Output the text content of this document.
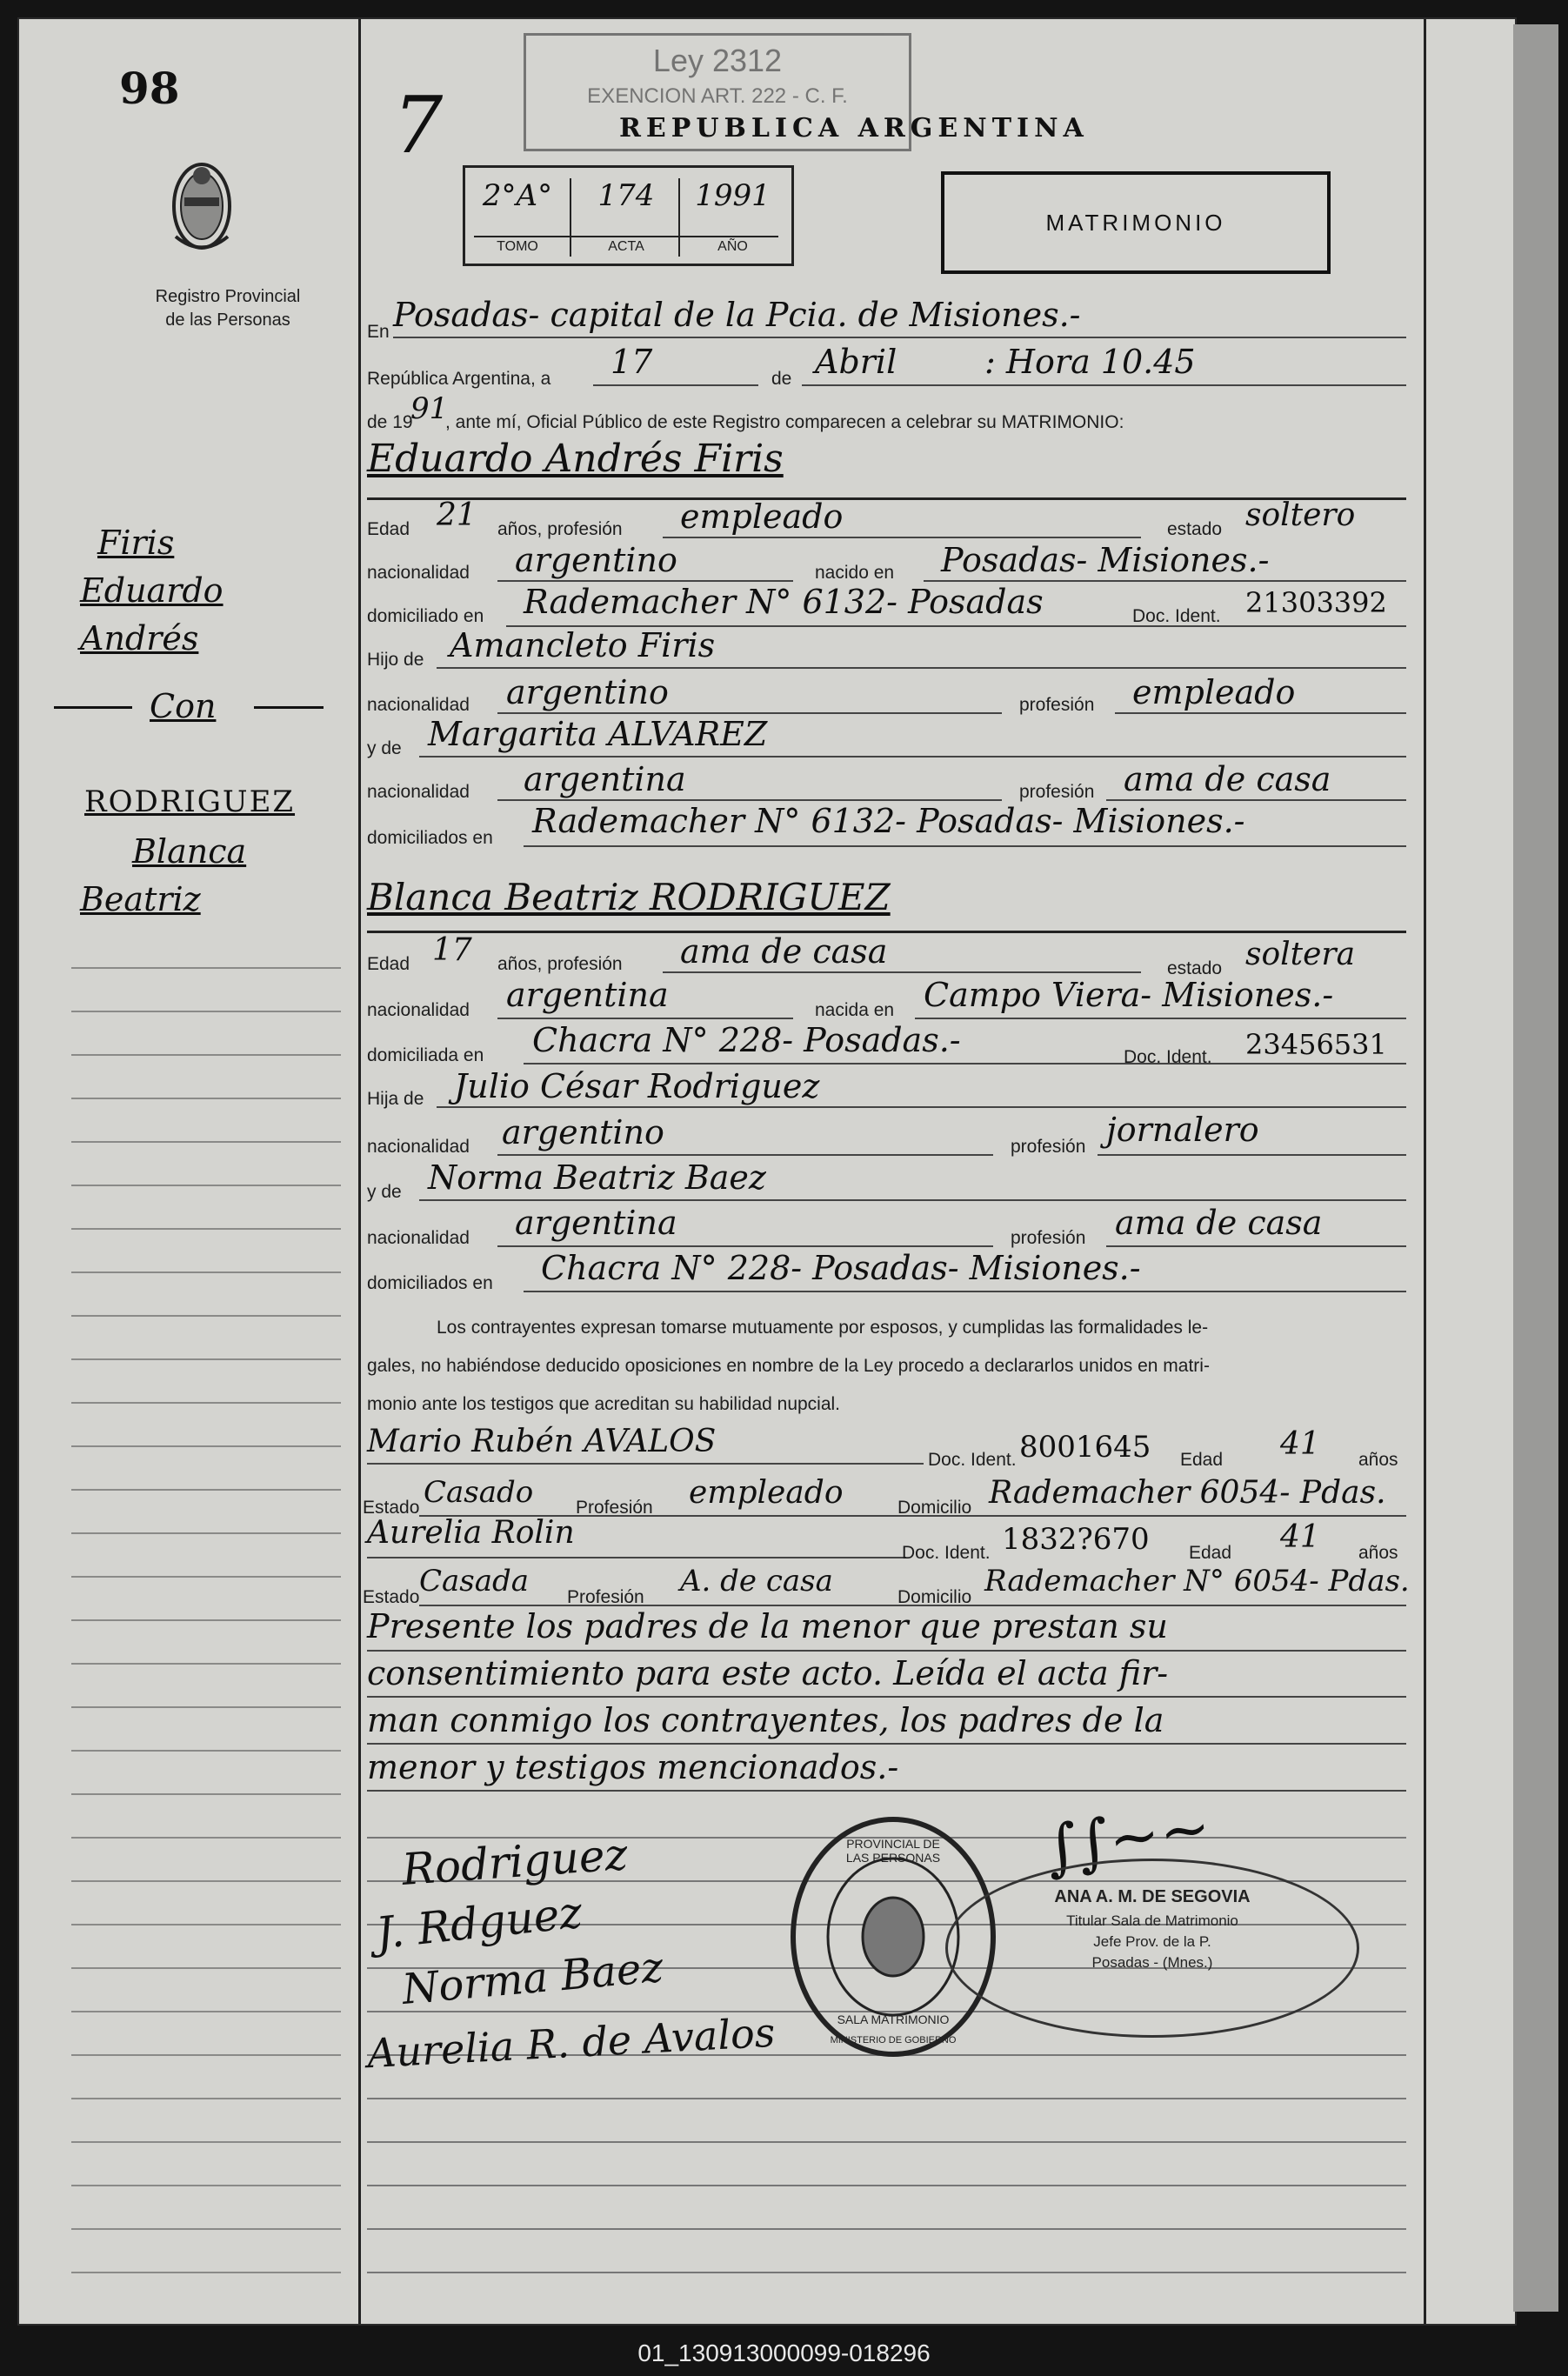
98
Registro Provincial
de las Personas
Firis
Eduardo
Andrés
Con
RODRIGUEZ
Blanca
Beatriz
Ley 2312
EXENCION ART. 222 - C. F.
REPUBLICA ARGENTINA
7
2°A°	174	1991
TOMO	ACTA	AÑO
MATRIMONIO
En Posadas- capital de la Pcia. de Misiones.-
República Argentina, a 17	de Abril	: Hora 10.45
de 19
91
, ante mí, Oficial Público de este Registro comparecen a celebrar su MATRIMONIO:
Eduardo Andrés Firis
Edad 21 años, profesión empleado	estado soltero
nacionalidad argentino	nacido en Posadas- Misiones.-
domiciliado en Rademacher N° 6132- Posadas	Doc. Ident. 21303392
Hijo de Amancleto Firis
nacionalidad argentino	profesión empleado
y de Margarita ALVAREZ
nacionalidad argentina	profesión ama de casa
domiciliados en Rademacher N° 6132- Posadas- Misiones.-
Blanca Beatriz RODRIGUEZ
Edad 17 años, profesión ama de casa	estado soltera
nacionalidad argentina	nacida en Campo Viera- Misiones.-
domiciliada en Chacra N° 228- Posadas.-	Doc. Ident. 23456531
Hija de Julio César Rodriguez
nacionalidad argentino	profesión jornalero
y de Norma Beatriz Baez
nacionalidad argentina	profesión ama de casa
domiciliados en Chacra N° 228- Posadas- Misiones.-
Los contrayentes expresan tomarse mutuamente por esposos, y cumplidas las formalidades le-
gales, no habiéndose deducido oposiciones en nombre de la Ley procedo a declararlos unidos en matri-
monio ante los testigos que acreditan su habilidad nupcial.
Mario Rubén AVALOS
Doc. Ident. 8001645 Edad 41 años
Estado Casado Profesión empleado	Domicilio Rademacher 6054- Pdas.
Aurelia Rolin
Doc. Ident. 1832?670 Edad 41 años
Estado Casada Profesión A. de casa	Domicilio Rademacher N° 6054- Pdas.
Presente los padres de la menor que prestan su
consentimiento para este acto. Leída el acta fir-
man conmigo los contrayentes, los padres de la
menor y testigos mencionados.-
Rodriguez
J. Rdguez
Norma Baez
Aurelia R. de Avalos
PROVINCIAL DE LAS PERSONAS
SALA MATRIMONIO
MINISTERIO DE GOBIERNO
∫∫~~
ANA A. M. DE SEGOVIA
Titular Sala de Matrimonio
Jefe Prov. de la P.
Posadas - (Mnes.)
01_130913000099-018296
